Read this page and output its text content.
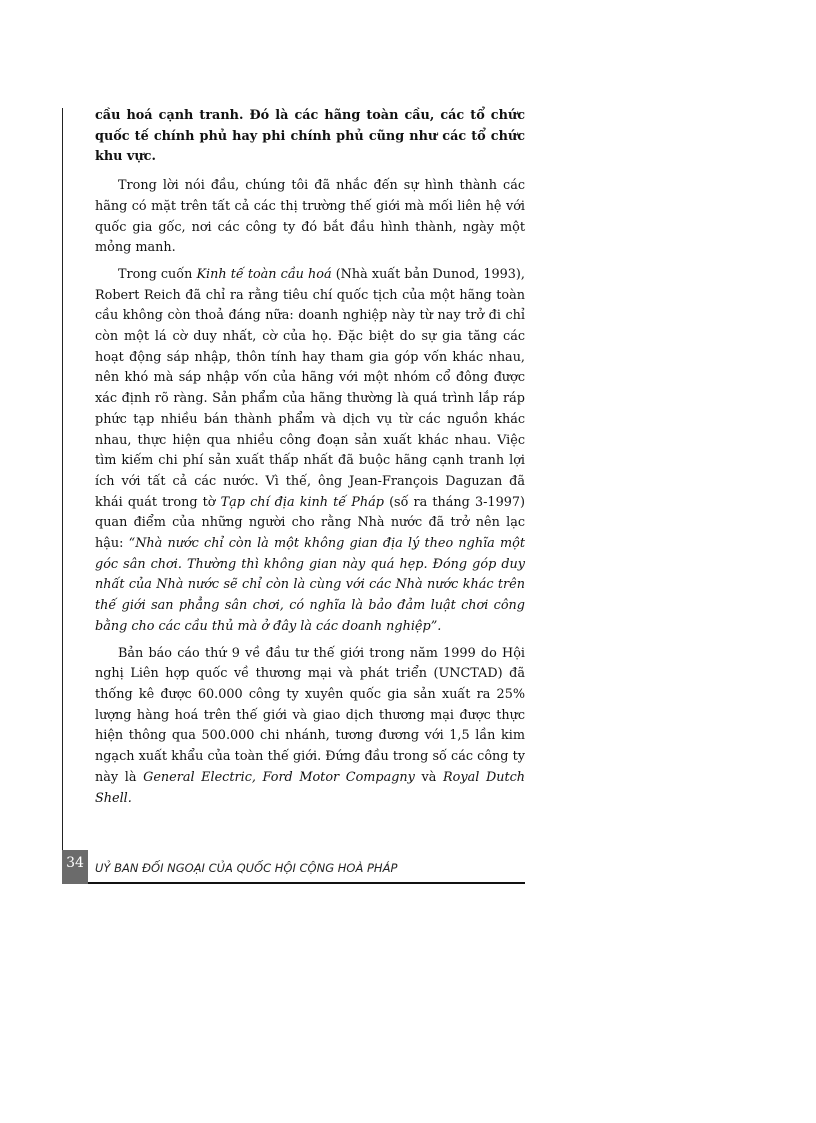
cầu hoá cạnh tranh. Đó là các hãng toàn cầu, các tổ chức quốc tế chính phủ hay phi chính phủ cũng như các tổ chức khu vực.

Trong lời nói đầu, chúng tôi đã nhắc đến sự hình thành các hãng có mặt trên tất cả các thị trường thế giới mà mối liên hệ với quốc gia gốc, nơi các công ty đó bắt đầu hình thành, ngày một mỏng manh.

Trong cuốn Kinh tế toàn cầu hoá (Nhà xuất bản Dunod, 1993), Robert Reich đã chỉ ra rằng tiêu chí quốc tịch của một hãng toàn cầu không còn thoả đáng nữa: doanh nghiệp này từ nay trở đi chỉ còn một lá cờ duy nhất, cờ của họ. Đặc biệt do sự gia tăng các hoạt động sáp nhập, thôn tính hay tham gia góp vốn khác nhau, nên khó mà sáp nhập vốn của hãng với một nhóm cổ đông được xác định rõ ràng. Sản phẩm của hãng thường là quá trình lắp ráp phức tạp nhiều bán thành phẩm và dịch vụ từ các nguồn khác nhau, thực hiện qua nhiều công đoạn sản xuất khác nhau. Việc tìm kiếm chi phí sản xuất thấp nhất đã buộc hãng cạnh tranh lợi ích với tất cả các nước. Vì thế, ông Jean-François Daguzan đã khái quát trong tờ Tạp chí địa kinh tế Pháp (số ra tháng 3-1997) quan điểm của những người cho rằng Nhà nước đã trở nên lạc hậu: “Nhà nước chỉ còn là một không gian địa lý theo nghĩa một góc sân chơi. Thường thì không gian này quá hẹp. Đóng góp duy nhất của Nhà nước sẽ chỉ còn là cùng với các Nhà nước khác trên thế giới san phẳng sân chơi, có nghĩa là bảo đảm luật chơi công bằng cho các cầu thủ mà ở đây là các doanh nghiệp”.

Bản báo cáo thứ 9 về đầu tư thế giới trong năm 1999 do Hội nghị Liên hợp quốc về thương mại và phát triển (UNCTAD) đã thống kê được 60.000 công ty xuyên quốc gia sản xuất ra 25% lượng hàng hoá trên thế giới và giao dịch thương mại được thực hiện thông qua 500.000 chi nhánh, tương đương với 1,5 lần kim ngạch xuất khẩu của toàn thế giới. Đứng đầu trong số các công ty này là General Electric, Ford Motor Compagny và Royal Dutch Shell.

34 UỶ BAN ĐỐI NGOẠI CỦA QUỐC HỘI CỘNG HOÀ PHÁP
